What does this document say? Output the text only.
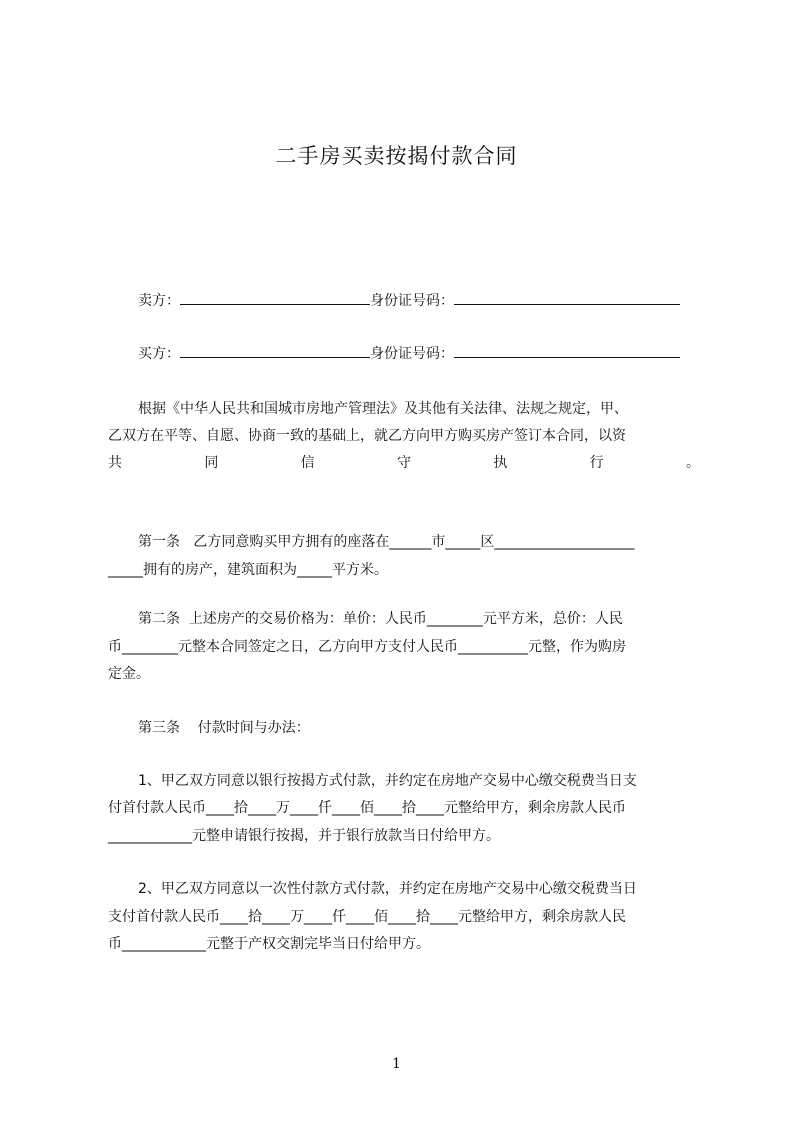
二手房买卖按揭付款合同
卖方：	身份证号码：
买方：	身份证号码：
根据《中华人民共和国城市房地产管理法》及其他有关法律、法规之规定，甲、
乙双方在平等、自愿、协商一致的基础上，就乙方向甲方购买房产签订本合同，以资
共	同	信	守	执	行	。
第一条   乙方同意购买甲方拥有的座落在______市_____区____________________
_____拥有的房产，建筑面积为_____平方米。
第二条  上述房产的交易价格为：单价：人民币________元平方米，总价：人民
币________元整本合同签定之日，乙方向甲方支付人民币__________元整，作为购房
定金。
第三条    付款时间与办法：
1、甲乙双方同意以银行按揭方式付款，并约定在房地产交易中心缴交税费当日支
付首付款人民币____拾____万____仟____佰____拾____元整给甲方，剩余房款人民币
____________元整申请银行按揭，并于银行放款当日付给甲方。
2、甲乙双方同意以一次性付款方式付款，并约定在房地产交易中心缴交税费当日
支付首付款人民币____拾____万____仟____佰____拾____元整给甲方，剩余房款人民
币____________元整于产权交割完毕当日付给甲方。
1
